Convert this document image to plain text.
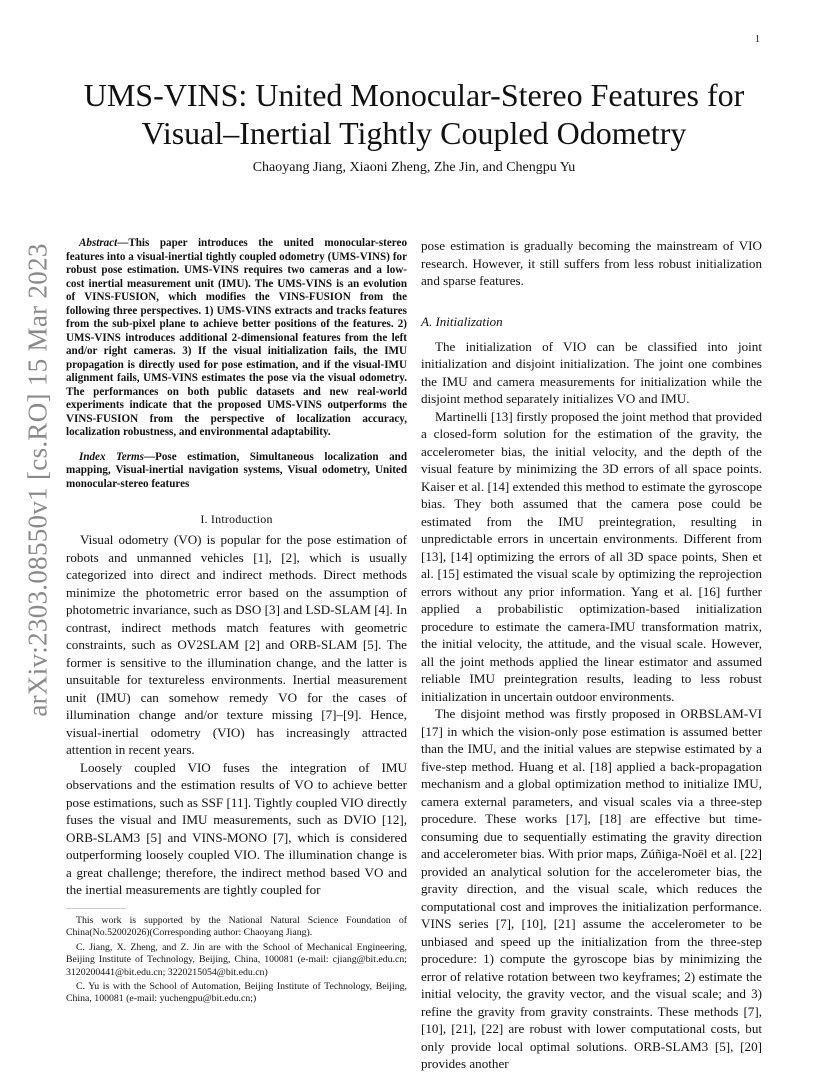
1
arXiv:2303.08550v1 [cs.RO] 15 Mar 2023
UMS-VINS: United Monocular-Stereo Features for Visual–Inertial Tightly Coupled Odometry
Chaoyang Jiang, Xiaoni Zheng, Zhe Jin, and Chengpu Yu

Abstract—This paper introduces the united monocular-stereo features into a visual-inertial tightly coupled odometry (UMS-VINS) for robust pose estimation. UMS-VINS requires two cameras and a low-cost inertial measurement unit (IMU). The UMS-VINS is an evolution of VINS-FUSION, which modifies the VINS-FUSION from the following three perspectives. 1) UMS-VINS extracts and tracks features from the sub-pixel plane to achieve better positions of the features. 2) UMS-VINS introduces additional 2-dimensional features from the left and/or right cameras. 3) If the visual initialization fails, the IMU propagation is directly used for pose estimation, and if the visual-IMU alignment fails, UMS-VINS estimates the pose via the visual odometry. The performances on both public datasets and new real-world experiments indicate that the proposed UMS-VINS outperforms the VINS-FUSION from the perspective of localization accuracy, localization robustness, and environmental adaptability.

Index Terms—Pose estimation, Simultaneous localization and mapping, Visual-inertial navigation systems, Visual odometry, United monocular-stereo features

I. Introduction

Visual odometry (VO) is popular for the pose estimation of robots and unmanned vehicles [1], [2], which is usually categorized into direct and indirect methods. Direct methods minimize the photometric error based on the assumption of photometric invariance, such as DSO [3] and LSD-SLAM [4]. In contrast, indirect methods match features with geometric constraints, such as OV2SLAM [2] and ORB-SLAM [5]. The former is sensitive to the illumination change, and the latter is unsuitable for textureless environments. Inertial measurement unit (IMU) can somehow remedy VO for the cases of illumination change and/or texture missing [7]–[9]. Hence, visual-inertial odometry (VIO) has increasingly attracted attention in recent years.

Loosely coupled VIO fuses the integration of IMU observations and the estimation results of VO to achieve better pose estimations, such as SSF [11]. Tightly coupled VIO directly fuses the visual and IMU measurements, such as DVIO [12], ORB-SLAM3 [5] and VINS-MONO [7], which is considered outperforming loosely coupled VIO. The illumination change is a great challenge; therefore, the indirect method based VO and the inertial measurements are tightly coupled for

This work is supported by the National Natural Science Foundation of China(No.52002026)(Corresponding author: Chaoyang Jiang).

C. Jiang, X. Zheng, and Z. Jin are with the School of Mechanical Engineering, Beijing Institute of Technology, Beijing, China, 100081 (e-mail: cjiang@bit.edu.cn; 3120200441@bit.edu.cn; 3220215054@bit.edu.cn)

C. Yu is with the School of Automation, Beijing Institute of Technology, Beijing, China, 100081 (e-mail: yuchengpu@bit.edu.cn;)

pose estimation is gradually becoming the mainstream of VIO research. However, it still suffers from less robust initialization and sparse features.

A. Initialization

The initialization of VIO can be classified into joint initialization and disjoint initialization. The joint one combines the IMU and camera measurements for initialization while the disjoint method separately initializes VO and IMU.

Martinelli [13] firstly proposed the joint method that provided a closed-form solution for the estimation of the gravity, the accelerometer bias, the initial velocity, and the depth of the visual feature by minimizing the 3D errors of all space points. Kaiser et al. [14] extended this method to estimate the gyroscope bias. They both assumed that the camera pose could be estimated from the IMU preintegration, resulting in unpredictable errors in uncertain environments. Different from [13], [14] optimizing the errors of all 3D space points, Shen et al. [15] estimated the visual scale by optimizing the reprojection errors without any prior information. Yang et al. [16] further applied a probabilistic optimization-based initialization procedure to estimate the camera-IMU transformation matrix, the initial velocity, the attitude, and the visual scale. However, all the joint methods applied the linear estimator and assumed reliable IMU preintegration results, leading to less robust initialization in uncertain outdoor environments.

The disjoint method was firstly proposed in ORBSLAM-VI [17] in which the vision-only pose estimation is assumed better than the IMU, and the initial values are stepwise estimated by a five-step method. Huang et al. [18] applied a back-propagation mechanism and a global optimization method to initialize IMU, camera external parameters, and visual scales via a three-step procedure. These works [17], [18] are effective but time-consuming due to sequentially estimating the gravity direction and accelerometer bias. With prior maps, Zúñiga-Noël et al. [22] provided an analytical solution for the accelerometer bias, the gravity direction, and the visual scale, which reduces the computational cost and improves the initialization performance. VINS series [7], [10], [21] assume the accelerometer to be unbiased and speed up the initialization from the three-step procedure: 1) compute the gyroscope bias by minimizing the error of relative rotation between two keyframes; 2) estimate the initial velocity, the gravity vector, and the visual scale; and 3) refine the gravity from gravity constraints. These methods [7], [10], [21], [22] are robust with lower computational costs, but only provide local optimal solutions. ORB-SLAM3 [5], [20] provides another
